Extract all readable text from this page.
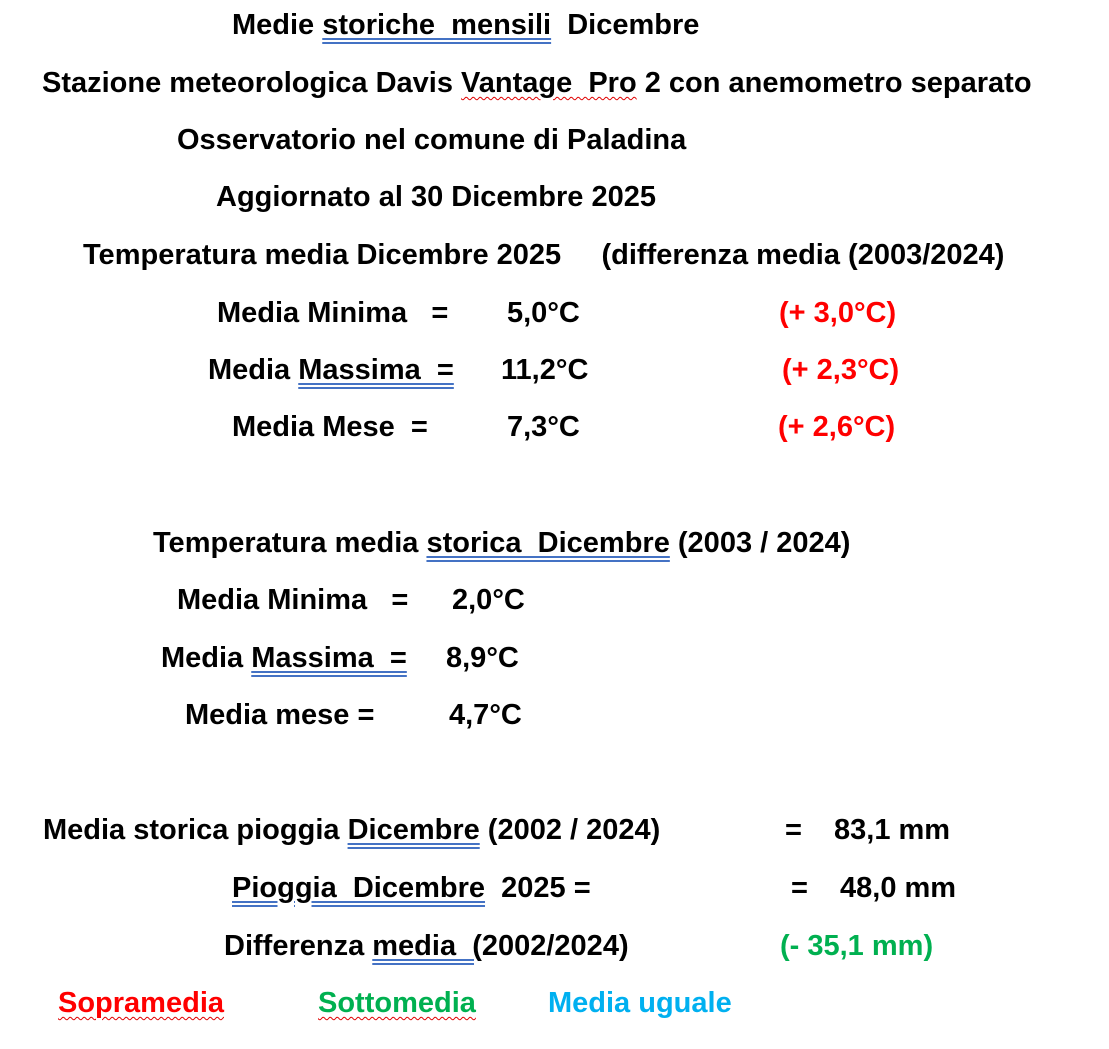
Medie storiche  mensili  Dicembre

Stazione meteorologica Davis Vantage  Pro 2 con anemometro separato

Osservatorio nel comune di Paladina

Aggiornato al 30 Dicembre 2025

Temperatura media Dicembre 2025     (differenza media (2003/2024)

Media Minima   = 5,0°C	(+ 3,0°C)

Media Massima  = 11,2°C	(+ 2,3°C)

Media Mese  =	7,3°C	(+ 2,6°C)

Temperatura media storica  Dicembre (2003 / 2024)

Media Minima   = 2,0°C

Media Massima  = 8,9°C

Media mese =	4,7°C

Media storica pioggia Dicembre (2002 / 2024)	= 83,1 mm

Pioggia  Dicembre  2025 =	= 48,0 mm

Differenza media  (2002/2024)	(- 35,1 mm)

Sopramedia	Sottomedia Media uguale
